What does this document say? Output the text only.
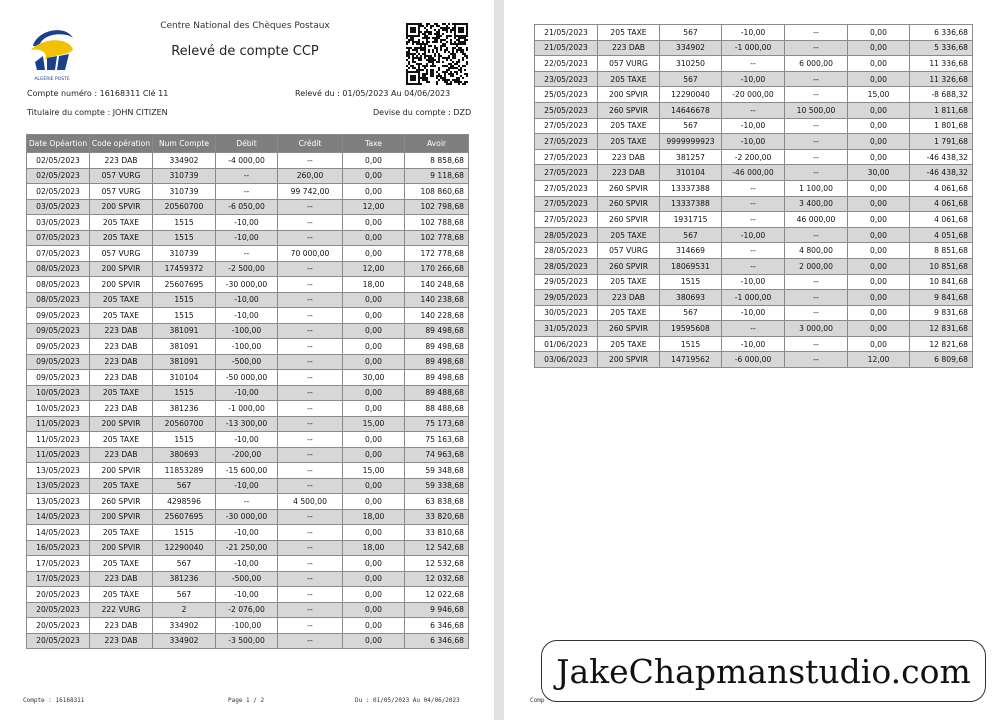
ALGÉRIE POSTE
Centre National des Chèques Postaux
Relevé de compte CCP
Compte numéro : 16168311 Clé 11	Relevé du : 01/05/2023 Au 04/06/2023
Titulaire du compte : JOHN CITIZEN	Devise du compte : DZD
Date Opéartion	Code opération	Num Compte	Débit	Crédit	Taxe	Avoir
02/05/2023	223 DAB	334902	-4 000,00	--	0,00	8 858,68
02/05/2023	057 VURG	310739	--	260,00	0,00	9 118,68
02/05/2023	057 VURG	310739	--	99 742,00	0,00	108 860,68
03/05/2023	200 SPVIR	20560700	-6 050,00	--	12,00	102 798,68
03/05/2023	205 TAXE	1515	-10,00	--	0,00	102 788,68
07/05/2023	205 TAXE	1515	-10,00	--	0,00	102 778,68
07/05/2023	057 VURG	310739	--	70 000,00	0,00	172 778,68
08/05/2023	200 SPVIR	17459372	-2 500,00	--	12,00	170 266,68
08/05/2023	200 SPVIR	25607695	-30 000,00	--	18,00	140 248,68
08/05/2023	205 TAXE	1515	-10,00	--	0,00	140 238,68
09/05/2023	205 TAXE	1515	-10,00	--	0,00	140 228,68
09/05/2023	223 DAB	381091	-100,00	--	0,00	89 498,68
09/05/2023	223 DAB	381091	-100,00	--	0,00	89 498,68
09/05/2023	223 DAB	381091	-500,00	--	0,00	89 498,68
09/05/2023	223 DAB	310104	-50 000,00	--	30,00	89 498,68
10/05/2023	205 TAXE	1515	-10,00	--	0,00	89 488,68
10/05/2023	223 DAB	381236	-1 000,00	--	0,00	88 488,68
11/05/2023	200 SPVIR	20560700	-13 300,00	--	15,00	75 173,68
11/05/2023	205 TAXE	1515	-10,00	--	0,00	75 163,68
11/05/2023	223 DAB	380693	-200,00	--	0,00	74 963,68
13/05/2023	200 SPVIR	11853289	-15 600,00	--	15,00	59 348,68
13/05/2023	205 TAXE	567	-10,00	--	0,00	59 338,68
13/05/2023	260 SPVIR	4298596	--	4 500,00	0,00	63 838,68
14/05/2023	200 SPVIR	25607695	-30 000,00	--	18,00	33 820,68
14/05/2023	205 TAXE	1515	-10,00	--	0,00	33 810,68
16/05/2023	200 SPVIR	12290040	-21 250,00	--	18,00	12 542,68
17/05/2023	205 TAXE	567	-10,00	--	0,00	12 532,68
17/05/2023	223 DAB	381236	-500,00	--	0,00	12 032,68
20/05/2023	205 TAXE	567	-10,00	--	0,00	12 022,68
20/05/2023	222 VURG	2	-2 076,00	--	0,00	9 946,68
20/05/2023	223 DAB	334902	-100,00	--	0,00	6 346,68
20/05/2023	223 DAB	334902	-3 500,00	--	0,00	6 346,68
Compte : 16168311	Page 1 / 2	Du : 01/05/2023 Au 04/06/2023	Comp
21/05/2023	205 TAXE	567	-10,00	--	0,00	6 336,68
21/05/2023	223 DAB	334902	-1 000,00	--	0,00	5 336,68
22/05/2023	057 VURG	310250	--	6 000,00	0,00	11 336,68
23/05/2023	205 TAXE	567	-10,00	--	0,00	11 326,68
25/05/2023	200 SPVIR	12290040	-20 000,00	--	15,00	-8 688,32
25/05/2023	260 SPVIR	14646678	--	10 500,00	0,00	1 811,68
27/05/2023	205 TAXE	567	-10,00	--	0,00	1 801,68
27/05/2023	205 TAXE	9999999923	-10,00	--	0,00	1 791,68
27/05/2023	223 DAB	381257	-2 200,00	--	0,00	-46 438,32
27/05/2023	223 DAB	310104	-46 000,00	--	30,00	-46 438,32
27/05/2023	260 SPVIR	13337388	--	1 100,00	0,00	4 061,68
27/05/2023	260 SPVIR	13337388	--	3 400,00	0,00	4 061,68
27/05/2023	260 SPVIR	1931715	--	46 000,00	0,00	4 061,68
28/05/2023	205 TAXE	567	-10,00	--	0,00	4 051,68
28/05/2023	057 VURG	314669	--	4 800,00	0,00	8 851,68
28/05/2023	260 SPVIR	18069531	--	2 000,00	0,00	10 851,68
29/05/2023	205 TAXE	1515	-10,00	--	0,00	10 841,68
29/05/2023	223 DAB	380693	-1 000,00	--	0,00	9 841,68
30/05/2023	205 TAXE	567	-10,00	--	0,00	9 831,68
31/05/2023	260 SPVIR	19595608	--	3 000,00	0,00	12 831,68
01/06/2023	205 TAXE	1515	-10,00	--	0,00	12 821,68
03/06/2023	200 SPVIR	14719562	-6 000,00	--	12,00	6 809,68
JakeChapmanstudio.com
